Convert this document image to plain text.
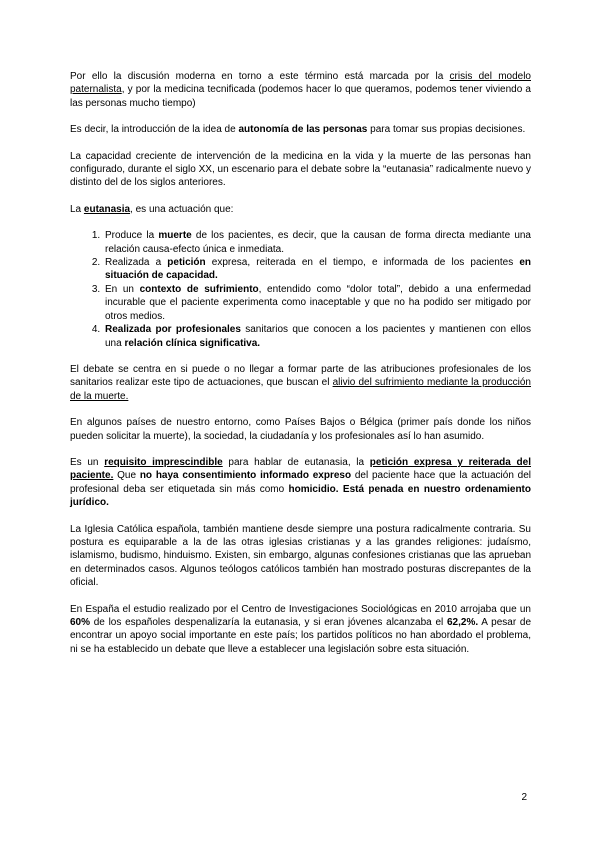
Por ello la discusión moderna en torno a este término está marcada por la crisis del modelo paternalista, y por la medicina tecnificada (podemos hacer lo que queramos, podemos tener viviendo a las personas mucho tiempo)

Es decir, la introducción de la idea de autonomía de las personas para tomar sus propias decisiones.

La capacidad creciente de intervención de la medicina en la vida y la muerte de las personas han configurado, durante el siglo XX, un escenario para el debate sobre la “eutanasia” radicalmente nuevo y distinto del de los siglos anteriores.

La eutanasia, es una actuación que:

1. Produce la muerte de los pacientes, es decir, que la causan de forma directa mediante una relación causa-efecto única e inmediata.
2. Realizada a petición expresa, reiterada en el tiempo, e informada de los pacientes en situación de capacidad.
3. En un contexto de sufrimiento, entendido como “dolor total”, debido a una enfermedad incurable que el paciente experimenta como inaceptable y que no ha podido ser mitigado por otros medios.
4. Realizada por profesionales sanitarios que conocen a los pacientes y mantienen con ellos una relación clínica significativa.

El debate se centra en si puede o no llegar a formar parte de las atribuciones profesionales de los sanitarios realizar este tipo de actuaciones, que buscan el alivio del sufrimiento mediante la producción de la muerte.

En algunos países de nuestro entorno, como Países Bajos o Bélgica (primer país donde los niños pueden solicitar la muerte), la sociedad, la ciudadanía y los profesionales así lo han asumido.

Es un requisito imprescindible para hablar de eutanasia, la petición expresa y reiterada del paciente. Que no haya consentimiento informado expreso del paciente hace que la actuación del profesional deba ser etiquetada sin más como homicidio. Está penada en nuestro ordenamiento jurídico.

La Iglesia Católica española, también mantiene desde siempre una postura radicalmente contraria. Su postura es equiparable a la de las otras iglesias cristianas y a las grandes religiones: judaísmo, islamismo, budismo, hinduismo. Existen, sin embargo, algunas confesiones cristianas que las aprueban en determinados casos. Algunos teólogos católicos también han mostrado posturas discrepantes de la oficial.

En España el estudio realizado por el Centro de Investigaciones Sociológicas en 2010 arrojaba que un 60% de los españoles despenalizaría la eutanasia, y si eran jóvenes alcanzaba el 62,2%. A pesar de encontrar un apoyo social importante en este país; los partidos políticos no han abordado el problema, ni se ha establecido un debate que lleve a establecer una legislación sobre esta situación.

2
